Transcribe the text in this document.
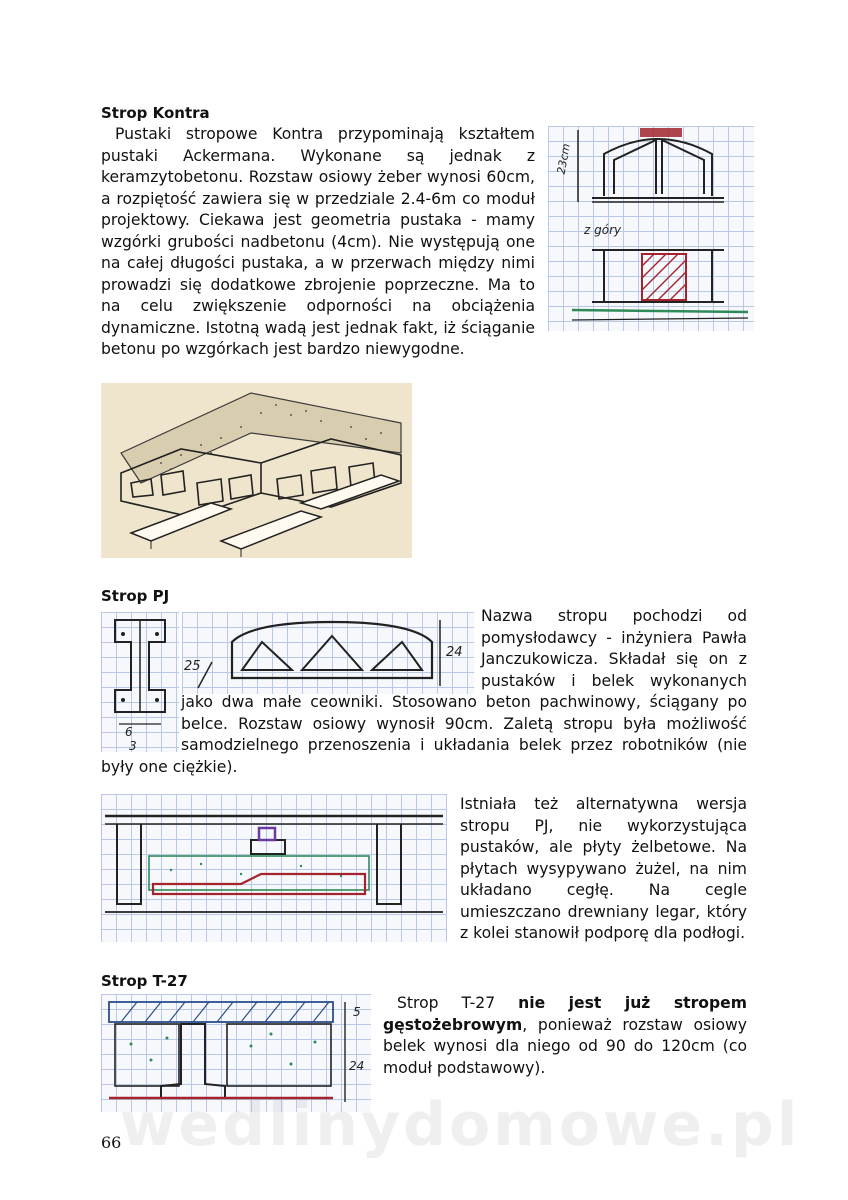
Strop Kontra
Pustaki stropowe Kontra przypominają kształtem pustaki Ackermana. Wykonane są jednak z keramzytobetonu. Rozstaw osiowy żeber wynosi 60cm, a rozpiętość zawiera się w przedziale 2.4-6m co moduł projektowy. Ciekawa jest geometria pustaka - mamy wzgórki grubości nadbetonu (4cm). Nie występują one na całej długości pustaka, a w przerwach między nimi prowadzi się dodatkowe zbrojenie poprzeczne. Ma to na celu zwiększenie odporności na obciążenia dynamiczne. Istotną wadą jest jednak fakt, iż ściąganie betonu po wzgórkach jest bardzo niewygodne.
23cm
z góry
Strop PJ
6
3
24
25
Nazwa stropu pochodzi od pomysłodawcy - inżyniera Pawła Janczukowicza. Składał się on z pustaków i belek wykonanych jako dwa małe ceowniki. Stosowano beton pachwinowy, ściągany po belce. Rozstaw osiowy wynosił 90cm. Zaletą stropu była możliwość samodzielnego przenoszenia i układania belek przez robotników (nie były one ciężkie).
Istniała też alternatywna wersja stropu PJ, nie wykorzystująca pustaków, ale płyty żelbetowe. Na płytach wysypywano żużel, na nim układano cegłę. Na cegle umieszczano drewniany legar, który z kolei stanowił podporę dla podłogi.
Strop T-27
5
24
Strop T-27 nie jest już stropem gęstożebrowym, ponieważ rozstaw osiowy belek wynosi dla niego od 90 do 120cm (co moduł podstawowy).
wedlinydomowe.pl
66
